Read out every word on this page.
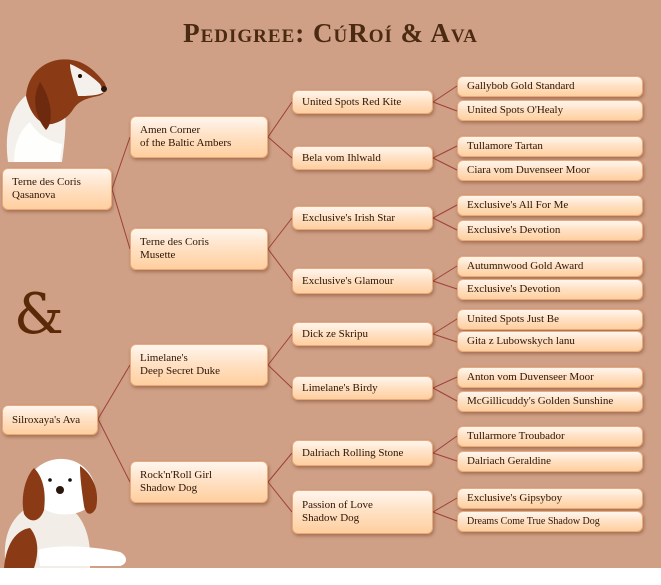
Pedigree: CúRoí & Ava
&
Terne des Coris
Qasanova
Silroxaya's Ava
Amen Corner
of the Baltic Ambers
Terne des Coris
Musette
Limelane's
Deep Secret Duke
Rock'n'Roll Girl
Shadow Dog
United Spots Red Kite
Bela vom Ihlwald
Exclusive's Irish Star
Exclusive's Glamour
Dick ze Skripu
Limelane's Birdy
Dalriach Rolling Stone
Passion of Love
Shadow Dog
Gallybob Gold Standard
United Spots O'Healy
Tullamore Tartan
Ciara vom Duvenseer Moor
Exclusive's All For Me
Exclusive's Devotion
Autumnwood Gold Award
Exclusive's Devotion
United Spots Just Be
Gita z Lubowskych lanu
Anton vom Duvenseer Moor
McGillicuddy's Golden Sunshine
Tullarmore Troubador
Dalriach Geraldine
Exclusive's Gipsyboy
Dreams Come True Shadow Dog
